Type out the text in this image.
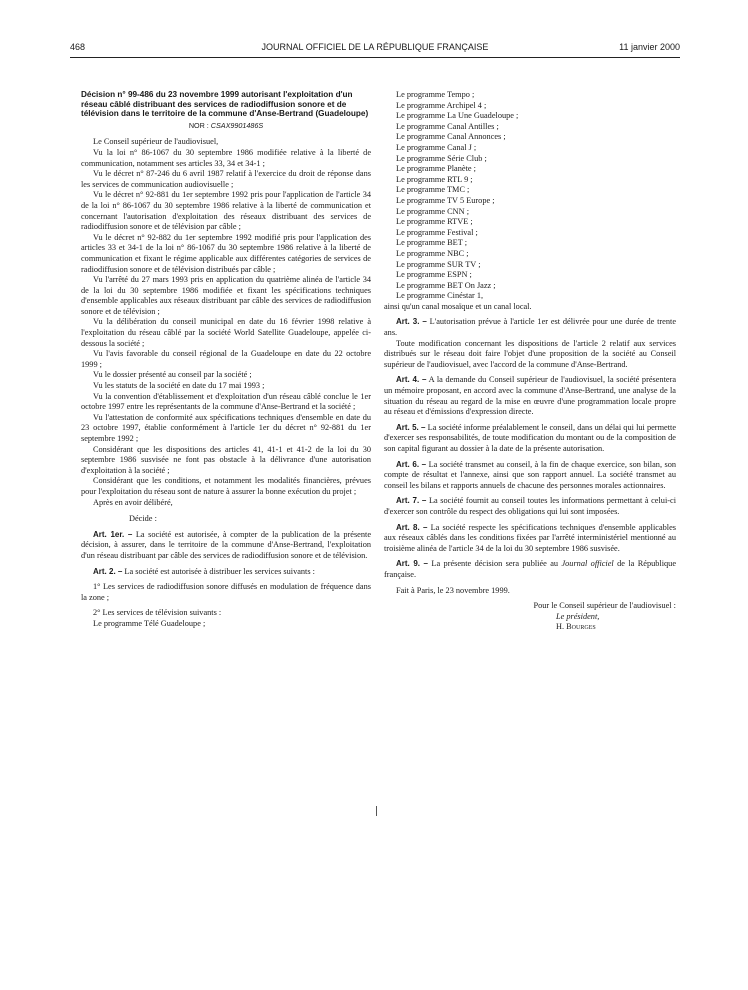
468	JOURNAL OFFICIEL DE LA RÉPUBLIQUE FRANÇAISE	11 janvier 2000

Décision n° 99-486 du 23 novembre 1999 autorisant l'exploitation d'un réseau câblé distribuant des services de radiodiffusion sonore et de télévision dans le territoire de la commune d'Anse-Bertrand (Guadeloupe)

NOR : CSAX9901486S

Le Conseil supérieur de l'audiovisuel,

Vu la loi n° 86-1067 du 30 septembre 1986 modifiée relative à la liberté de communication, notamment ses articles 33, 34 et 34-1 ;

Vu le décret n° 87-246 du 6 avril 1987 relatif à l'exercice du droit de réponse dans les services de communication audiovisuelle ;

Vu le décret n° 92-881 du 1er septembre 1992 pris pour l'application de l'article 34 de la loi n° 86-1067 du 30 septembre 1986 relative à la liberté de communication et concernant l'autorisation d'exploitation des réseaux distribuant des services de radiodiffusion sonore et de télévision par câble ;

Vu le décret n° 92-882 du 1er septembre 1992 modifié pris pour l'application des articles 33 et 34-1 de la loi n° 86-1067 du 30 septembre 1986 relative à la liberté de communication et fixant le régime applicable aux différentes catégories de services de radiodiffusion sonore et de télévision distribués par câble ;

Vu l'arrêté du 27 mars 1993 pris en application du quatrième alinéa de l'article 34 de la loi du 30 septembre 1986 modifiée et fixant les spécifications techniques d'ensemble applicables aux réseaux distribuant par câble des services de radiodiffusion sonore et de télévision ;

Vu la délibération du conseil municipal en date du 16 février 1998 relative à l'exploitation du réseau câblé par la société World Satellite Guadeloupe, appelée ci-dessous la société ;

Vu l'avis favorable du conseil régional de la Guadeloupe en date du 22 octobre 1999 ;

Vu le dossier présenté au conseil par la société ;

Vu les statuts de la société en date du 17 mai 1993 ;

Vu la convention d'établissement et d'exploitation d'un réseau câblé conclue le 1er octobre 1997 entre les représentants de la commune d'Anse-Bertrand et la société ;

Vu l'attestation de conformité aux spécifications techniques d'ensemble en date du 23 octobre 1997, établie conformément à l'article 1er du décret n° 92-881 du 1er septembre 1992 ;

Considérant que les dispositions des articles 41, 41-1 et 41-2 de la loi du 30 septembre 1986 susvisée ne font pas obstacle à la délivrance d'une autorisation d'exploitation à la société ;

Considérant que les conditions, et notamment les modalités financières, prévues pour l'exploitation du réseau sont de nature à assurer la bonne exécution du projet ;

Après en avoir délibéré,

Décide :

Art. 1er. – La société est autorisée, à compter de la publication de la présente décision, à assurer, dans le territoire de la commune d'Anse-Bertrand, l'exploitation d'un réseau distribuant par câble des services de radiodiffusion sonore et de télévision.

Art. 2. – La société est autorisée à distribuer les services suivants :

1° Les services de radiodiffusion sonore diffusés en modulation de fréquence dans la zone ;

2° Les services de télévision suivants :

Le programme Télé Guadeloupe ;

Le programme Tempo ;

Le programme Archipel 4 ;

Le programme La Une Guadeloupe ;

Le programme Canal Antilles ;

Le programme Canal Annonces ;

Le programme Canal J ;

Le programme Série Club ;

Le programme Planète ;

Le programme RTL 9 ;

Le programme TMC ;

Le programme TV 5 Europe ;

Le programme CNN ;

Le programme RTVE ;

Le programme Festival ;

Le programme BET ;

Le programme NBC ;

Le programme SUR TV ;

Le programme ESPN ;

Le programme BET On Jazz ;

Le programme Cinéstar 1,

ainsi qu'un canal mosaïque et un canal local.

Art. 3. – L'autorisation prévue à l'article 1er est délivrée pour une durée de trente ans.

Toute modification concernant les dispositions de l'article 2 relatif aux services distribués sur le réseau doit faire l'objet d'une proposition de la société au Conseil supérieur de l'audiovisuel, avec l'accord de la commune d'Anse-Bertrand.

Art. 4. – A la demande du Conseil supérieur de l'audiovisuel, la société présentera un mémoire proposant, en accord avec la commune d'Anse-Bertrand, une analyse de la situation du réseau au regard de la mise en œuvre d'une programmation locale propre au réseau et d'émissions d'expression directe.

Art. 5. – La société informe préalablement le conseil, dans un délai qui lui permette d'exercer ses responsabilités, de toute modification du montant ou de la composition de son capital figurant au dossier à la date de la présente autorisation.

Art. 6. – La société transmet au conseil, à la fin de chaque exercice, son bilan, son compte de résultat et l'annexe, ainsi que son rapport annuel. La société transmet au conseil les bilans et rapports annuels de chacune des personnes morales actionnaires.

Art. 7. – La société fournit au conseil toutes les informations permettant à celui-ci d'exercer son contrôle du respect des obligations qui lui sont imposées.

Art. 8. – La société respecte les spécifications techniques d'ensemble applicables aux réseaux câblés dans les conditions fixées par l'arrêté interministériel mentionné au troisième alinéa de l'article 34 de la loi du 30 septembre 1986 susvisée.

Art. 9. – La présente décision sera publiée au Journal officiel de la République française.

Fait à Paris, le 23 novembre 1999.

Pour le Conseil supérieur de l'audiovisuel :

Le président,

H. Bourges
